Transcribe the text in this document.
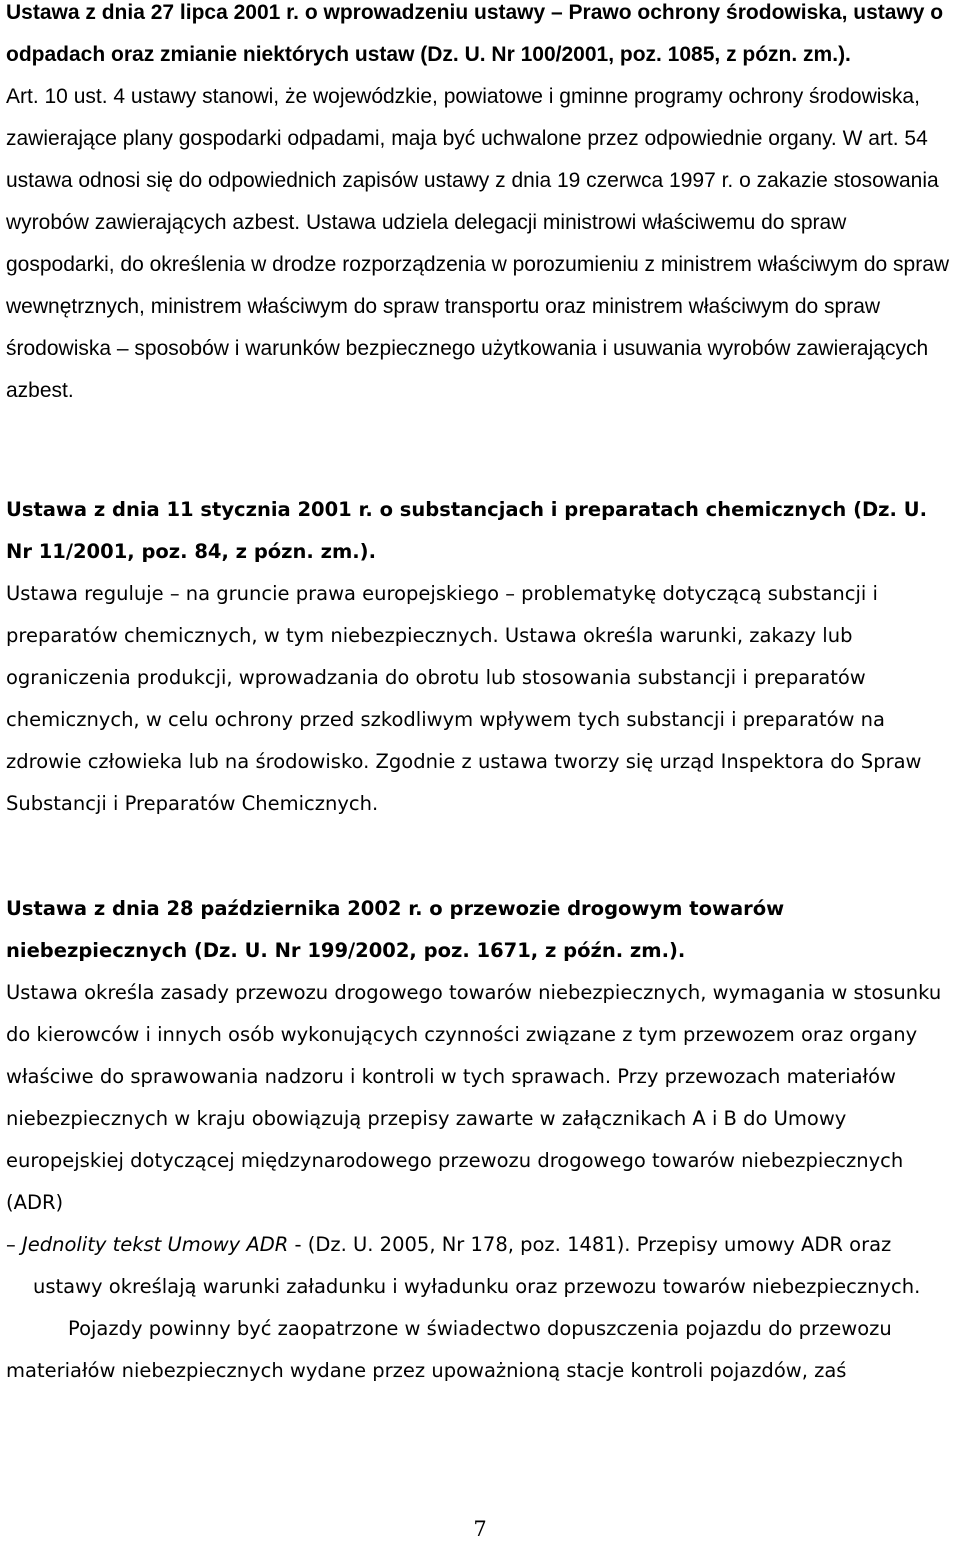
Ustawa z dnia 27 lipca 2001 r. o wprowadzeniu ustawy – Prawo ochrony środowiska, ustawy o odpadach oraz zmianie niektórych ustaw (Dz. U. Nr 100/2001, poz. 1085, z pózn. zm.).

Art. 10 ust. 4 ustawy stanowi, że wojewódzkie, powiatowe i gminne programy ochrony środowiska, zawierające plany gospodarki odpadami, maja być uchwalone przez odpowiednie organy. W art. 54 ustawa odnosi się do odpowiednich zapisów ustawy z dnia 19 czerwca 1997 r. o zakazie stosowania wyrobów zawierających azbest. Ustawa udziela delegacji ministrowi właściwemu do spraw gospodarki, do określenia w drodze rozporządzenia w porozumieniu z ministrem właściwym do spraw wewnętrznych, ministrem właściwym do spraw transportu oraz ministrem właściwym do spraw środowiska – sposobów i warunków bezpiecznego użytkowania i usuwania wyrobów zawierających azbest.

Ustawa z dnia 11 stycznia 2001 r. o substancjach i preparatach chemicznych (Dz. U. Nr 11/2001, poz. 84, z pózn. zm.).

Ustawa reguluje – na gruncie prawa europejskiego – problematykę dotyczącą substancji i preparatów chemicznych, w tym niebezpiecznych. Ustawa określa warunki, zakazy lub ograniczenia produkcji, wprowadzania do obrotu lub stosowania substancji i preparatów chemicznych, w celu ochrony przed szkodliwym wpływem tych substancji i preparatów na zdrowie człowieka lub na środowisko. Zgodnie z ustawa tworzy się urząd Inspektora do Spraw Substancji i Preparatów Chemicznych.

Ustawa z dnia 28 października 2002 r. o przewozie drogowym towarów niebezpiecznych (Dz. U. Nr 199/2002, poz. 1671, z późn. zm.).

Ustawa określa zasady przewozu drogowego towarów niebezpiecznych, wymagania w stosunku do kierowców i innych osób wykonujących czynności związane z tym przewozem oraz organy właściwe do sprawowania nadzoru i kontroli w tych sprawach. Przy przewozach materiałów niebezpiecznych w kraju obowiązują przepisy zawarte w załącznikach A i B do Umowy europejskiej dotyczącej międzynarodowego przewozu drogowego towarów niebezpiecznych (ADR)

– Jednolity tekst Umowy ADR - (Dz. U. 2005, Nr 178, poz. 1481). Przepisy umowy ADR oraz ustawy określają warunki załadunku i wyładunku oraz przewozu towarów niebezpiecznych.

Pojazdy powinny być zaopatrzone w świadectwo dopuszczenia pojazdu do przewozu materiałów niebezpiecznych wydane przez upoważnioną stacje kontroli pojazdów, zaś

7
